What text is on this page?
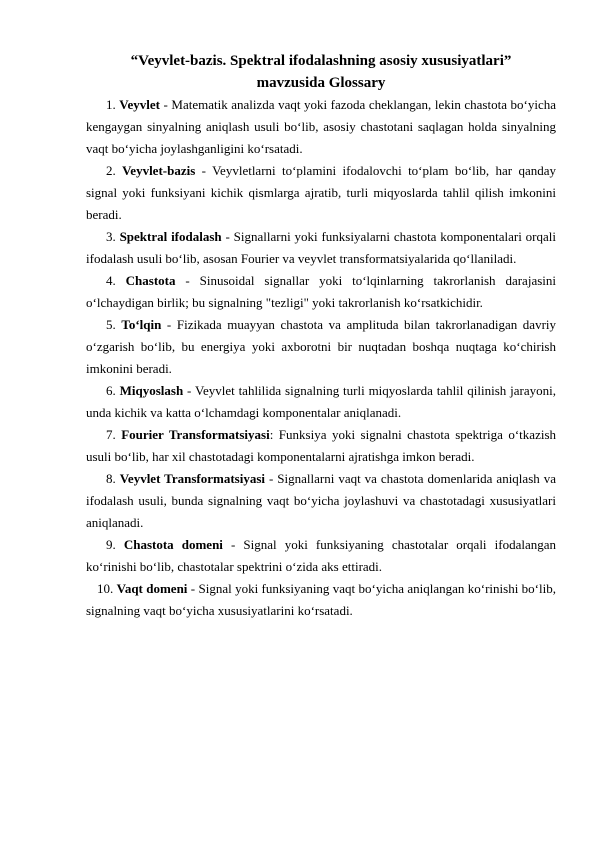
“Veyvlet-bazis. Spektral ifodalashning asosiy xususiyatlari”
mavzusida Glossary

1. Veyvlet - Matematik analizda vaqt yoki fazoda cheklangan, lekin chastota bo‘yicha kengaygan sinyalning aniqlash usuli bo‘lib, asosiy chastotani saqlagan holda sinyalning vaqt bo‘yicha joylashganligini ko‘rsatadi.

2. Veyvlet-bazis - Veyvletlarni to‘plamini ifodalovchi to‘plam bo‘lib, har qanday signal yoki funksiyani kichik qismlarga ajratib, turli miqyoslarda tahlil qilish imkonini beradi.

3. Spektral ifodalash - Signallarni yoki funksiyalarni chastota komponentalari orqali ifodalash usuli bo‘lib, asosan Fourier va veyvlet transformatsiyalarida qo‘llaniladi.

4. Chastota - Sinusoidal signallar yoki to‘lqinlarning takrorlanish darajasini o‘lchaydigan birlik; bu signalning "tezligi" yoki takrorlanish ko‘rsatkichidir.

5. To‘lqin - Fizikada muayyan chastota va amplituda bilan takrorlanadigan davriy o‘zgarish bo‘lib, bu energiya yoki axborotni bir nuqtadan boshqa nuqtaga ko‘chirish imkonini beradi.

6. Miqyoslash - Veyvlet tahlilida signalning turli miqyoslarda tahlil qilinish jarayoni, unda kichik va katta o‘lchamdagi komponentalar aniqlanadi.

7. Fourier Transformatsiyasi: Funksiya yoki signalni chastota spektriga o‘tkazish usuli bo‘lib, har xil chastotadagi komponentalarni ajratishga imkon beradi.

8. Veyvlet Transformatsiyasi - Signallarni vaqt va chastota domenlarida aniqlash va ifodalash usuli, bunda signalning vaqt bo‘yicha joylashuvi va chastotadagi xususiyatlari aniqlanadi.

9. Chastota domeni - Signal yoki funksiyaning chastotalar orqali ifodalangan ko‘rinishi bo‘lib, chastotalar spektrini o‘zida aks ettiradi.

10. Vaqt domeni - Signal yoki funksiyaning vaqt bo‘yicha aniqlangan ko‘rinishi bo‘lib, signalning vaqt bo‘yicha xususiyatlarini ko‘rsatadi.
